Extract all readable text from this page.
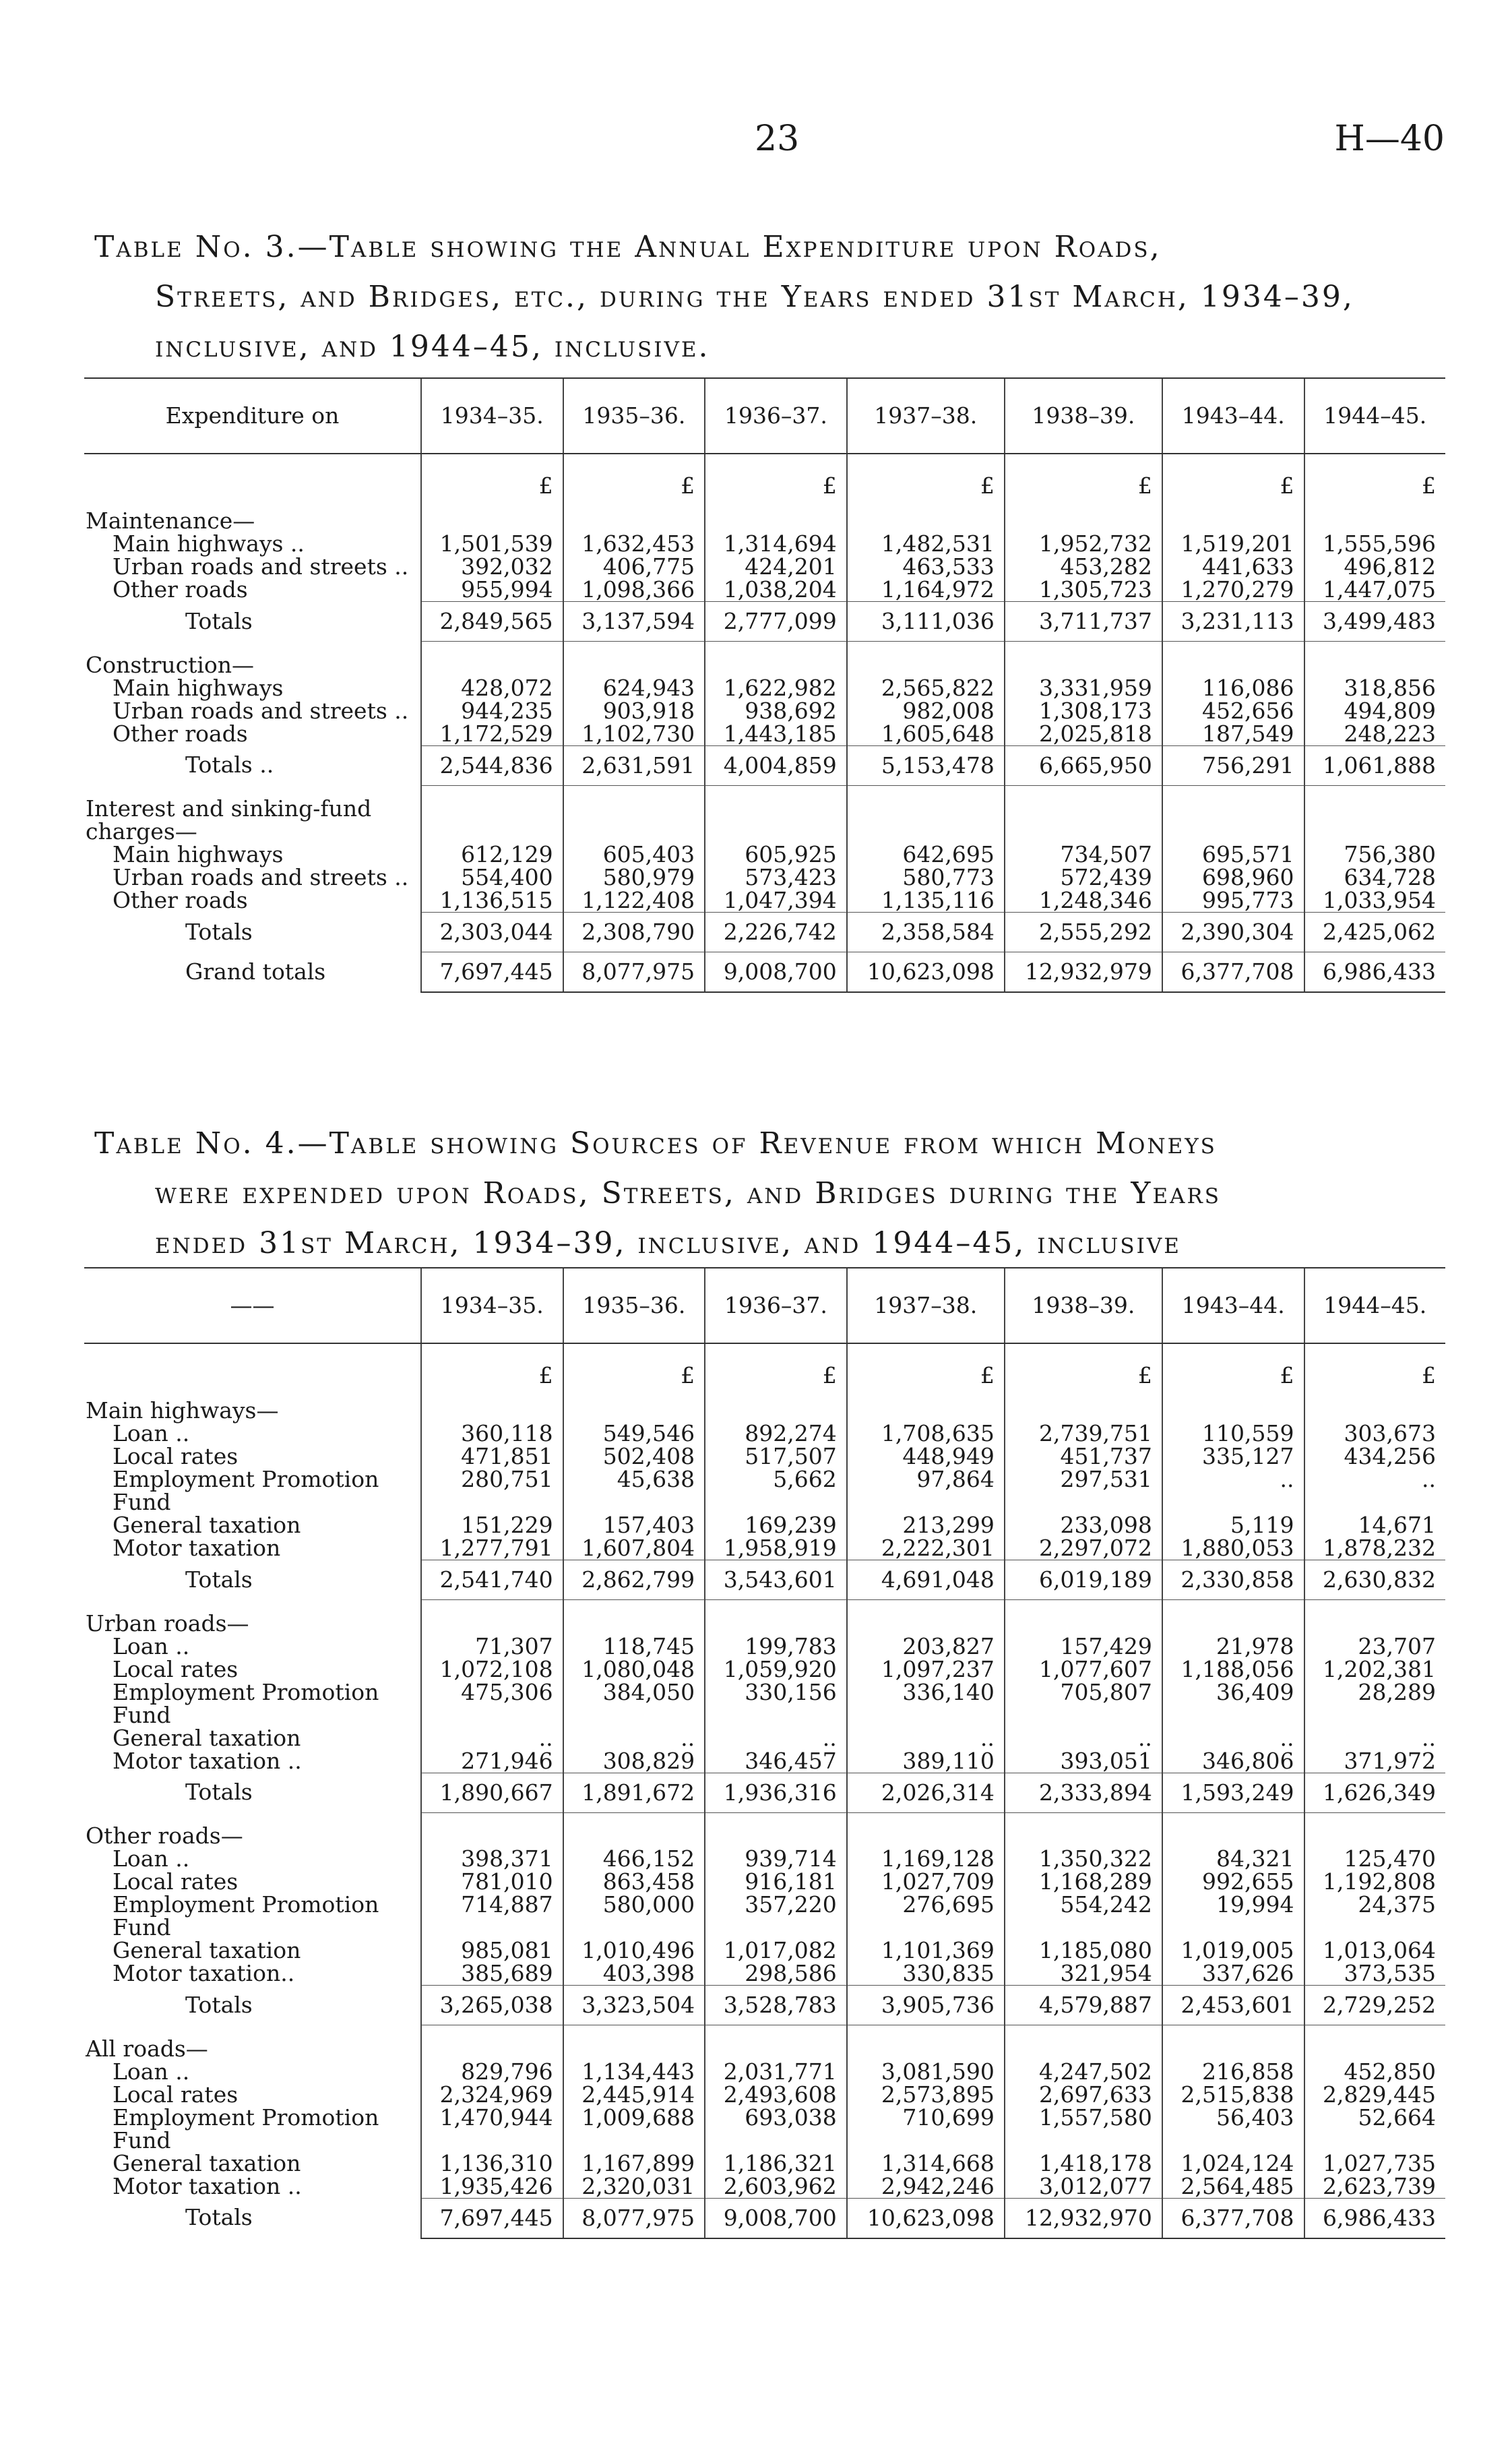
23	H—40
Table No. 3.—Table showing the Annual Expenditure upon Roads,
Streets, and Bridges, etc., during the Years ended 31st March, 1934–39,
inclusive, and 1944–45, inclusive.
Expenditure on	1934–35.	1935–36.	1936–37.	1937–38.	1938–39.	1943–44.	1944–45.
	£	£	£	£	£	£	£
Maintenance—							

Main highways ..	1,501,539	1,632,453	1,314,694	1,482,531	1,952,732	1,519,201	1,555,596

Urban roads and streets ..	392,032	406,775	424,201	463,533	453,282	441,633	496,812

Other roads	955,994	1,098,366	1,038,204	1,164,972	1,305,723	1,270,279	1,447,075
Totals	2,849,565	3,137,594	2,777,099	3,111,036	3,711,737	3,231,113	3,499,483
Construction—							

Main highways	428,072	624,943	1,622,982	2,565,822	3,331,959	116,086	318,856

Urban roads and streets ..	944,235	903,918	938,692	982,008	1,308,173	452,656	494,809

Other roads	1,172,529	1,102,730	1,443,185	1,605,648	2,025,818	187,549	248,223
Totals ..	2,544,836	2,631,591	4,004,859	5,153,478	6,665,950	756,291	1,061,888
Interest and sinking-fund charges—							

Main highways	612,129	605,403	605,925	642,695	734,507	695,571	756,380

Urban roads and streets ..	554,400	580,979	573,423	580,773	572,439	698,960	634,728

Other roads	1,136,515	1,122,408	1,047,394	1,135,116	1,248,346	995,773	1,033,954
Totals	2,303,044	2,308,790	2,226,742	2,358,584	2,555,292	2,390,304	2,425,062
Grand totals	7,697,445	8,077,975	9,008,700	10,623,098	12,932,979	6,377,708	6,986,433
Table No. 4.—Table showing Sources of Revenue from which Moneys
were expended upon Roads, Streets, and Bridges during the Years
ended 31st March, 1934–39, inclusive, and 1944–45, inclusive
——	1934–35.	1935–36.	1936–37.	1937–38.	1938–39.	1943–44.	1944–45.
	£	£	£	£	£	£	£
Main highways—							

Loan ..	360,118	549,546	892,274	1,708,635	2,739,751	110,559	303,673

Local rates	471,851	502,408	517,507	448,949	451,737	335,127	434,256

Employment Promotion Fund	280,751	45,638	5,662	97,864	297,531	..	..

General taxation	151,229	157,403	169,239	213,299	233,098	5,119	14,671

Motor taxation	1,277,791	1,607,804	1,958,919	2,222,301	2,297,072	1,880,053	1,878,232
Totals	2,541,740	2,862,799	3,543,601	4,691,048	6,019,189	2,330,858	2,630,832
Urban roads—							

Loan ..	71,307	118,745	199,783	203,827	157,429	21,978	23,707

Local rates	1,072,108	1,080,048	1,059,920	1,097,237	1,077,607	1,188,056	1,202,381

Employment Promotion Fund	475,306	384,050	330,156	336,140	705,807	36,409	 28,289

General taxation	..	..	..	..	..	..	..

Motor taxation ..	271,946	308,829	346,457	389,110	393,051	346,806	371,972
Totals	1,890,667	1,891,672	1,936,316	2,026,314	2,333,894	1,593,249	1,626,349
Other roads—							

Loan ..	398,371	466,152	939,714	1,169,128	1,350,322	84,321	125,470

Local rates	781,010	863,458	916,181	1,027,709	1,168,289	992,655	1,192,808

Employment Promotion Fund	714,887	580,000	357,220	276,695	554,242	19,994	24,375

General taxation	985,081	1,010,496	1,017,082	1,101,369	1,185,080	1,019,005	1,013,064

Motor taxation..	385,689	403,398	298,586	330,835	321,954	337,626	373,535
Totals	3,265,038	3,323,504	3,528,783	3,905,736	4,579,887	2,453,601	2,729,252
All roads—							

Loan ..	829,796	1,134,443	2,031,771	3,081,590	4,247,502	216,858	452,850

Local rates	2,324,969	2,445,914	2,493,608	2,573,895	2,697,633	2,515,838	2,829,445

Employment Promotion Fund	1,470,944	1,009,688	693,038	710,699	1,557,580	56,403	52,664

General taxation	1,136,310	1,167,899	1,186,321	1,314,668	1,418,178	1,024,124	1,027,735

Motor taxation ..	1,935,426	2,320,031	2,603,962	2,942,246	3,012,077	2,564,485	2,623,739
Totals	7,697,445	8,077,975	9,008,700	10,623,098	12,932,970	6,377,708	6,986,433
